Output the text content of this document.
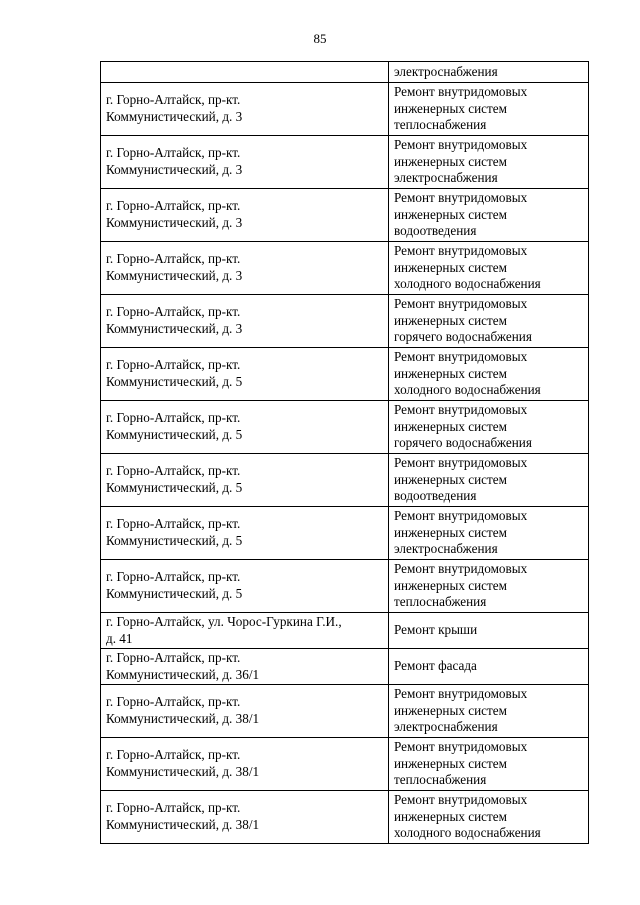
85
	электроснабжения
г. Горно-Алтайск, пр-кт.
Коммунистический, д. 3	Ремонт внутридомовых
инженерных систем
теплоснабжения
г. Горно-Алтайск, пр-кт.
Коммунистический, д. 3	Ремонт внутридомовых
инженерных систем
электроснабжения
г. Горно-Алтайск, пр-кт.
Коммунистический, д. 3	Ремонт внутридомовых
инженерных систем
водоотведения
г. Горно-Алтайск, пр-кт.
Коммунистический, д. 3	Ремонт внутридомовых
инженерных систем
холодного водоснабжения
г. Горно-Алтайск, пр-кт.
Коммунистический, д. 3	Ремонт внутридомовых
инженерных систем
горячего водоснабжения
г. Горно-Алтайск, пр-кт.
Коммунистический, д. 5	Ремонт внутридомовых
инженерных систем
холодного водоснабжения
г. Горно-Алтайск, пр-кт.
Коммунистический, д. 5	Ремонт внутридомовых
инженерных систем
горячего водоснабжения
г. Горно-Алтайск, пр-кт.
Коммунистический, д. 5	Ремонт внутридомовых
инженерных систем
водоотведения
г. Горно-Алтайск, пр-кт.
Коммунистический, д. 5	Ремонт внутридомовых
инженерных систем
электроснабжения
г. Горно-Алтайск, пр-кт.
Коммунистический, д. 5	Ремонт внутридомовых
инженерных систем
теплоснабжения
г. Горно-Алтайск, ул. Чорос-Гуркина Г.И.,
д. 41	Ремонт крыши
г. Горно-Алтайск, пр-кт.
Коммунистический, д. 36/1	Ремонт фасада
г. Горно-Алтайск, пр-кт.
Коммунистический, д. 38/1	Ремонт внутридомовых
инженерных систем
электроснабжения
г. Горно-Алтайск, пр-кт.
Коммунистический, д. 38/1	Ремонт внутридомовых
инженерных систем
теплоснабжения
г. Горно-Алтайск, пр-кт.
Коммунистический, д. 38/1	Ремонт внутридомовых
инженерных систем
холодного водоснабжения
